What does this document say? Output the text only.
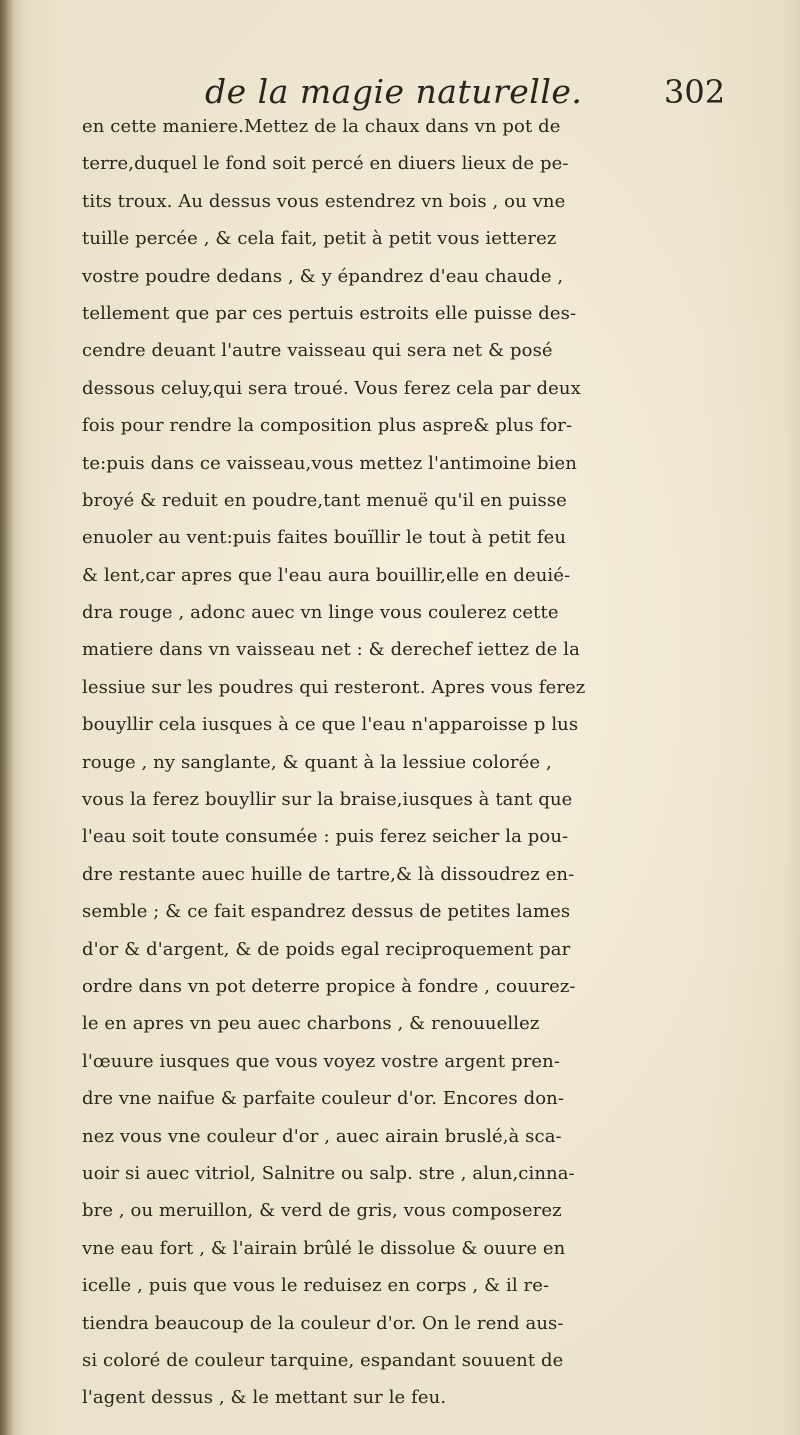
de la magie naturelle.	302
en cette maniere.Mettez de la chaux dans vn pot de
terre,duquel le fond soit percé en diuers lieux de pe-
tits troux. Au dessus vous estendrez vn bois , ou vne
tuille percée , & cela fait, petit à petit vous ietterez
vostre poudre dedans , & y épandrez d'eau chaude ,
tellement que par ces pertuis estroits elle puisse des-
cendre deuant l'autre vaisseau qui sera net & posé
dessous celuy,qui sera troué. Vous ferez cela par deux
fois pour rendre la composition plus aspre& plus for-
te:puis dans ce vaisseau,vous mettez l'antimoine bien
broyé & reduit en poudre,tant menuë qu'il en puisse
enuoler au vent:puis faites bouïllir le tout à petit feu
& lent,car apres que l'eau aura bouillir,elle en deuié-
dra rouge , adonc auec vn linge vous coulerez cette
matiere dans vn vaisseau net : & derechef iettez de la
lessiue sur les poudres qui resteront. Apres vous ferez
bouyllir cela iusques à ce que l'eau n'apparoisse p lus
rouge , ny sanglante, & quant à la lessiue colorée ,
vous la ferez bouyllir sur la braise,iusques à tant que
l'eau soit toute consumée : puis ferez seicher la pou-
dre restante auec huille de tartre,& là dissoudrez en-
semble ; & ce fait espandrez dessus de petites lames
d'or & d'argent, & de poids egal reciproquement par
ordre dans vn pot deterre propice à fondre , couurez-
le en apres vn peu auec charbons , & renouuellez
l'œuure iusques que vous voyez vostre argent pren-
dre vne naifue & parfaite couleur d'or. Encores don-
nez vous vne couleur d'or , auec airain bruslé,à sca-
uoir si auec vitriol, Salnitre ou salp. stre , alun,cinna-
bre , ou meruillon, & verd de gris, vous composerez
vne eau fort , & l'airain brûlé le dissolue & ouure en
icelle , puis que vous le reduisez en corps , & il re-
tiendra beaucoup de la couleur d'or. On le rend aus-
si coloré de couleur tarquine, espandant souuent de
l'agent dessus , & le mettant sur le feu.
